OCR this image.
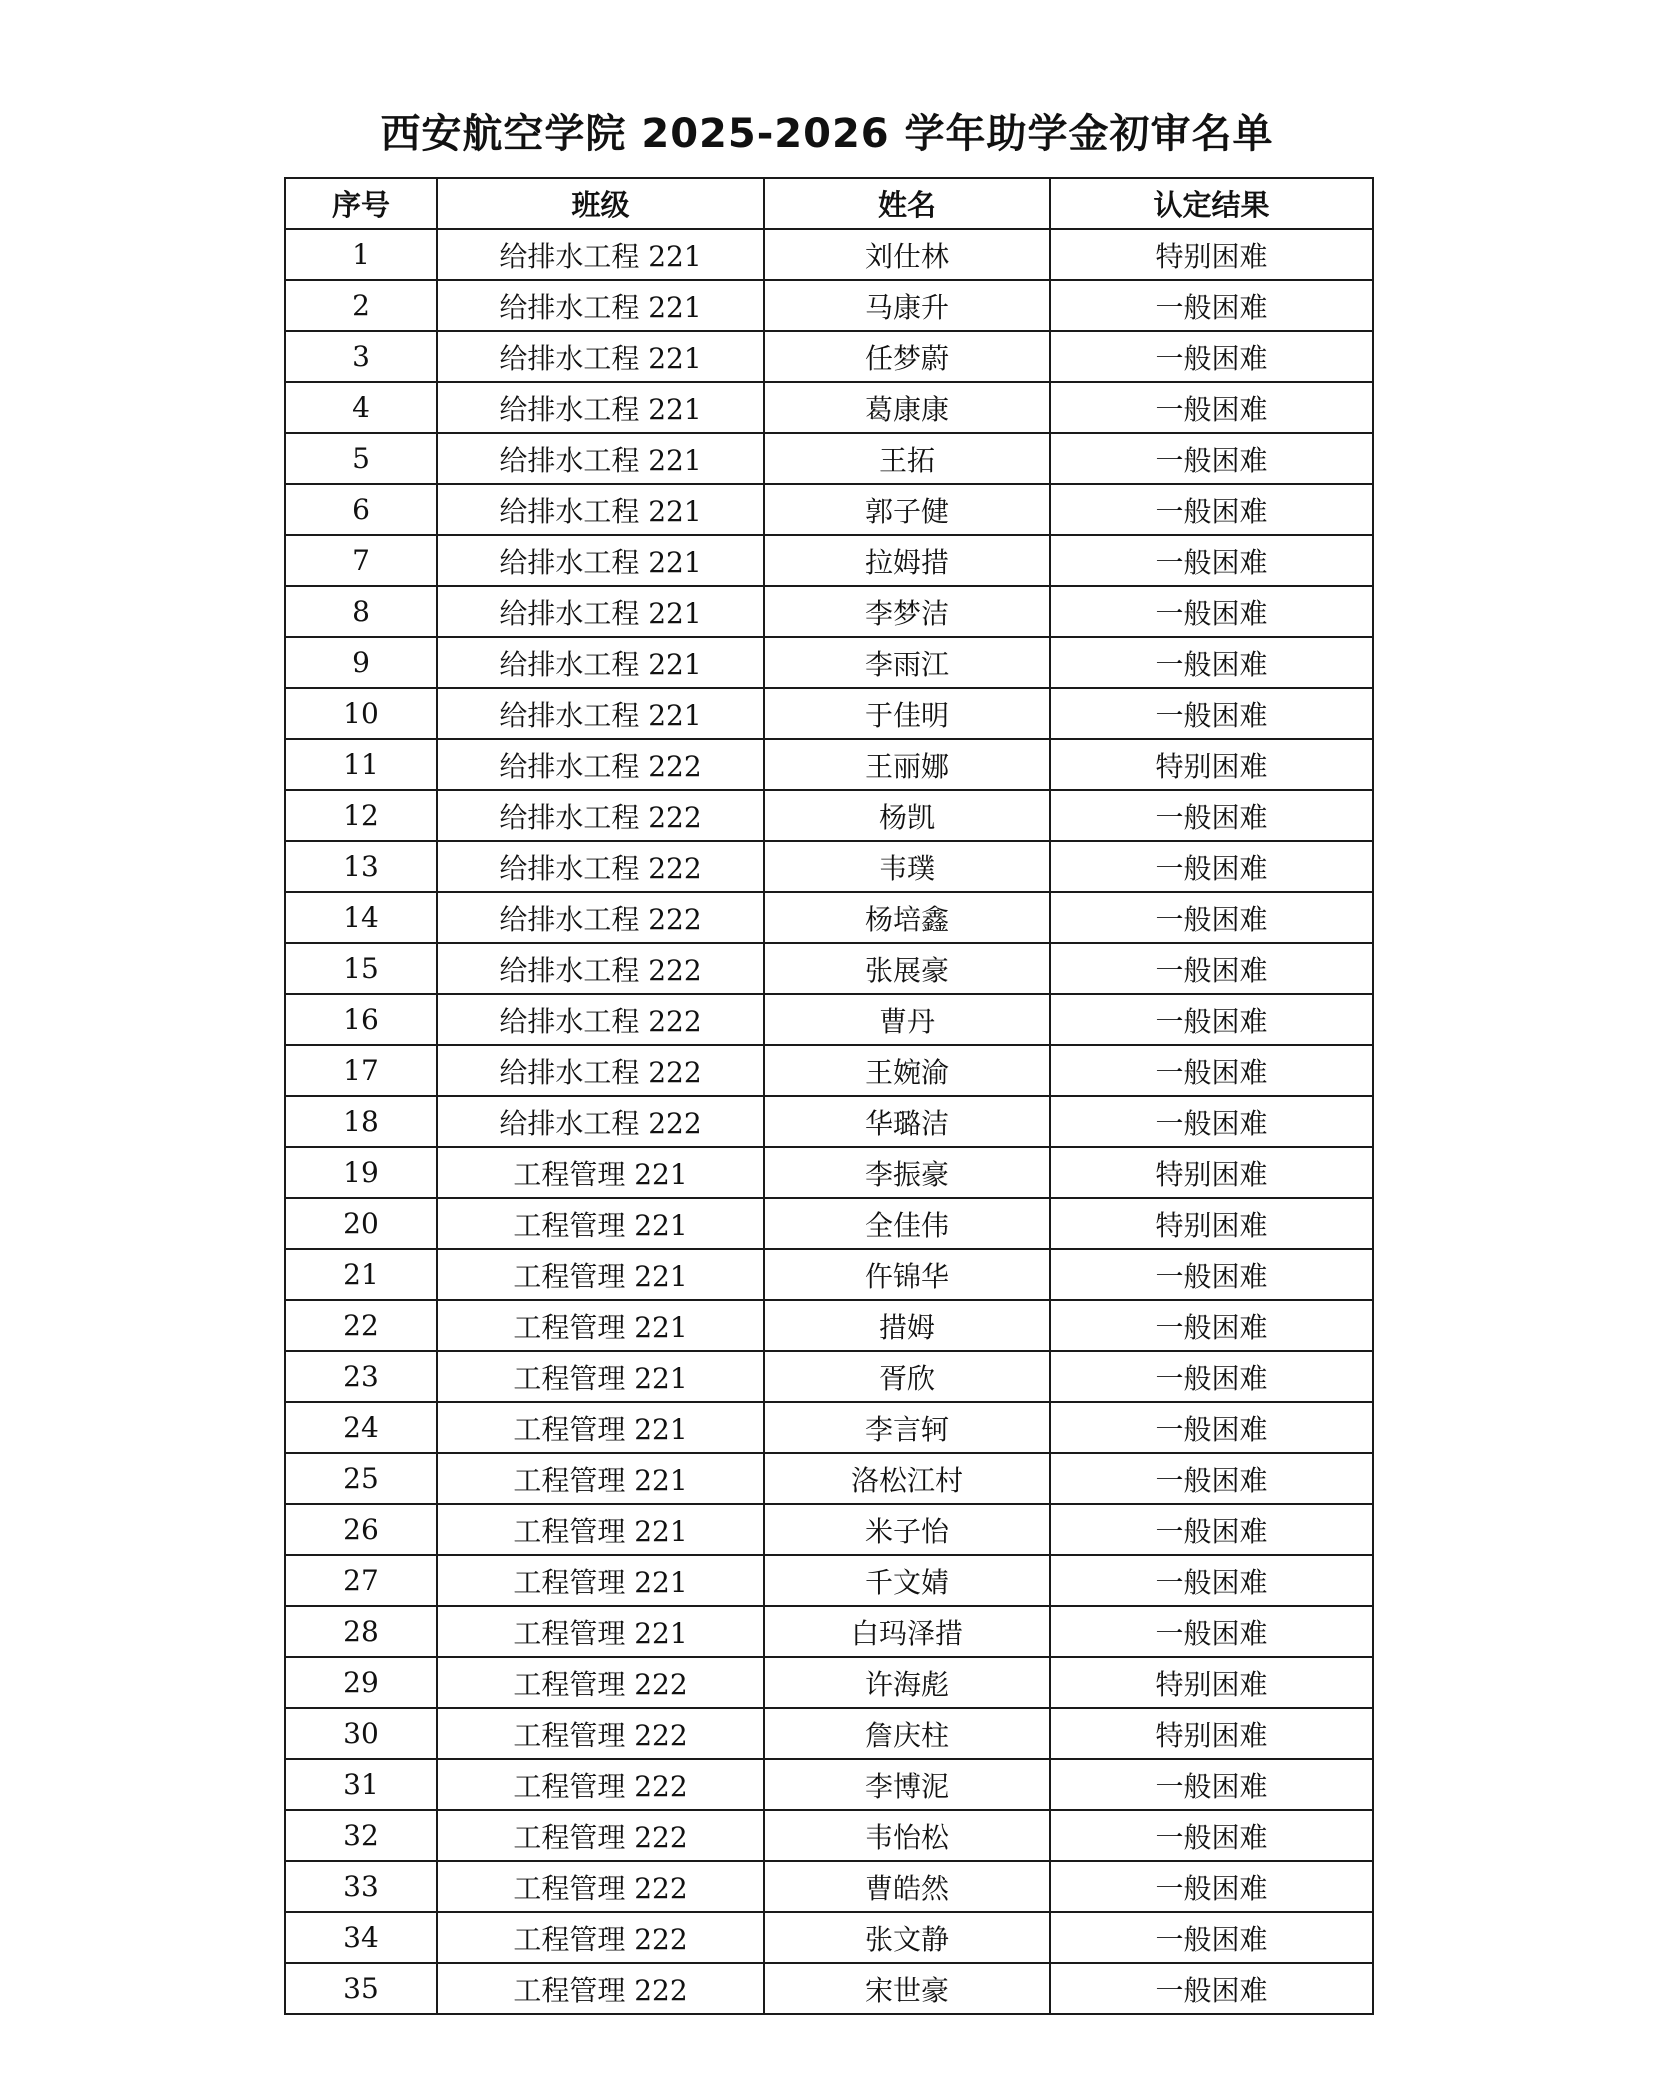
西安航空学院 2025-2026 学年助学金初审名单
序号	班级	姓名	认定结果
1	给排水工程 221	刘仕林	特别困难
2	给排水工程 221	马康升	一般困难
3	给排水工程 221	任梦蔚	一般困难
4	给排水工程 221	葛康康	一般困难
5	给排水工程 221	王拓	一般困难
6	给排水工程 221	郭子健	一般困难
7	给排水工程 221	拉姆措	一般困难
8	给排水工程 221	李梦洁	一般困难
9	给排水工程 221	李雨江	一般困难
10	给排水工程 221	于佳明	一般困难
11	给排水工程 222	王丽娜	特别困难
12	给排水工程 222	杨凯	一般困难
13	给排水工程 222	韦璞	一般困难
14	给排水工程 222	杨培鑫	一般困难
15	给排水工程 222	张展豪	一般困难
16	给排水工程 222	曹丹	一般困难
17	给排水工程 222	王婉渝	一般困难
18	给排水工程 222	华璐洁	一般困难
19	工程管理 221	李振豪	特别困难
20	工程管理 221	全佳伟	特别困难
21	工程管理 221	仵锦华	一般困难
22	工程管理 221	措姆	一般困难
23	工程管理 221	胥欣	一般困难
24	工程管理 221	李言轲	一般困难
25	工程管理 221	洛松江村	一般困难
26	工程管理 221	米子怡	一般困难
27	工程管理 221	千文婧	一般困难
28	工程管理 221	白玛泽措	一般困难
29	工程管理 222	许海彪	特别困难
30	工程管理 222	詹庆柱	特别困难
31	工程管理 222	李博泥	一般困难
32	工程管理 222	韦怡松	一般困难
33	工程管理 222	曹皓然	一般困难
34	工程管理 222	张文静	一般困难
35	工程管理 222	宋世豪	一般困难
